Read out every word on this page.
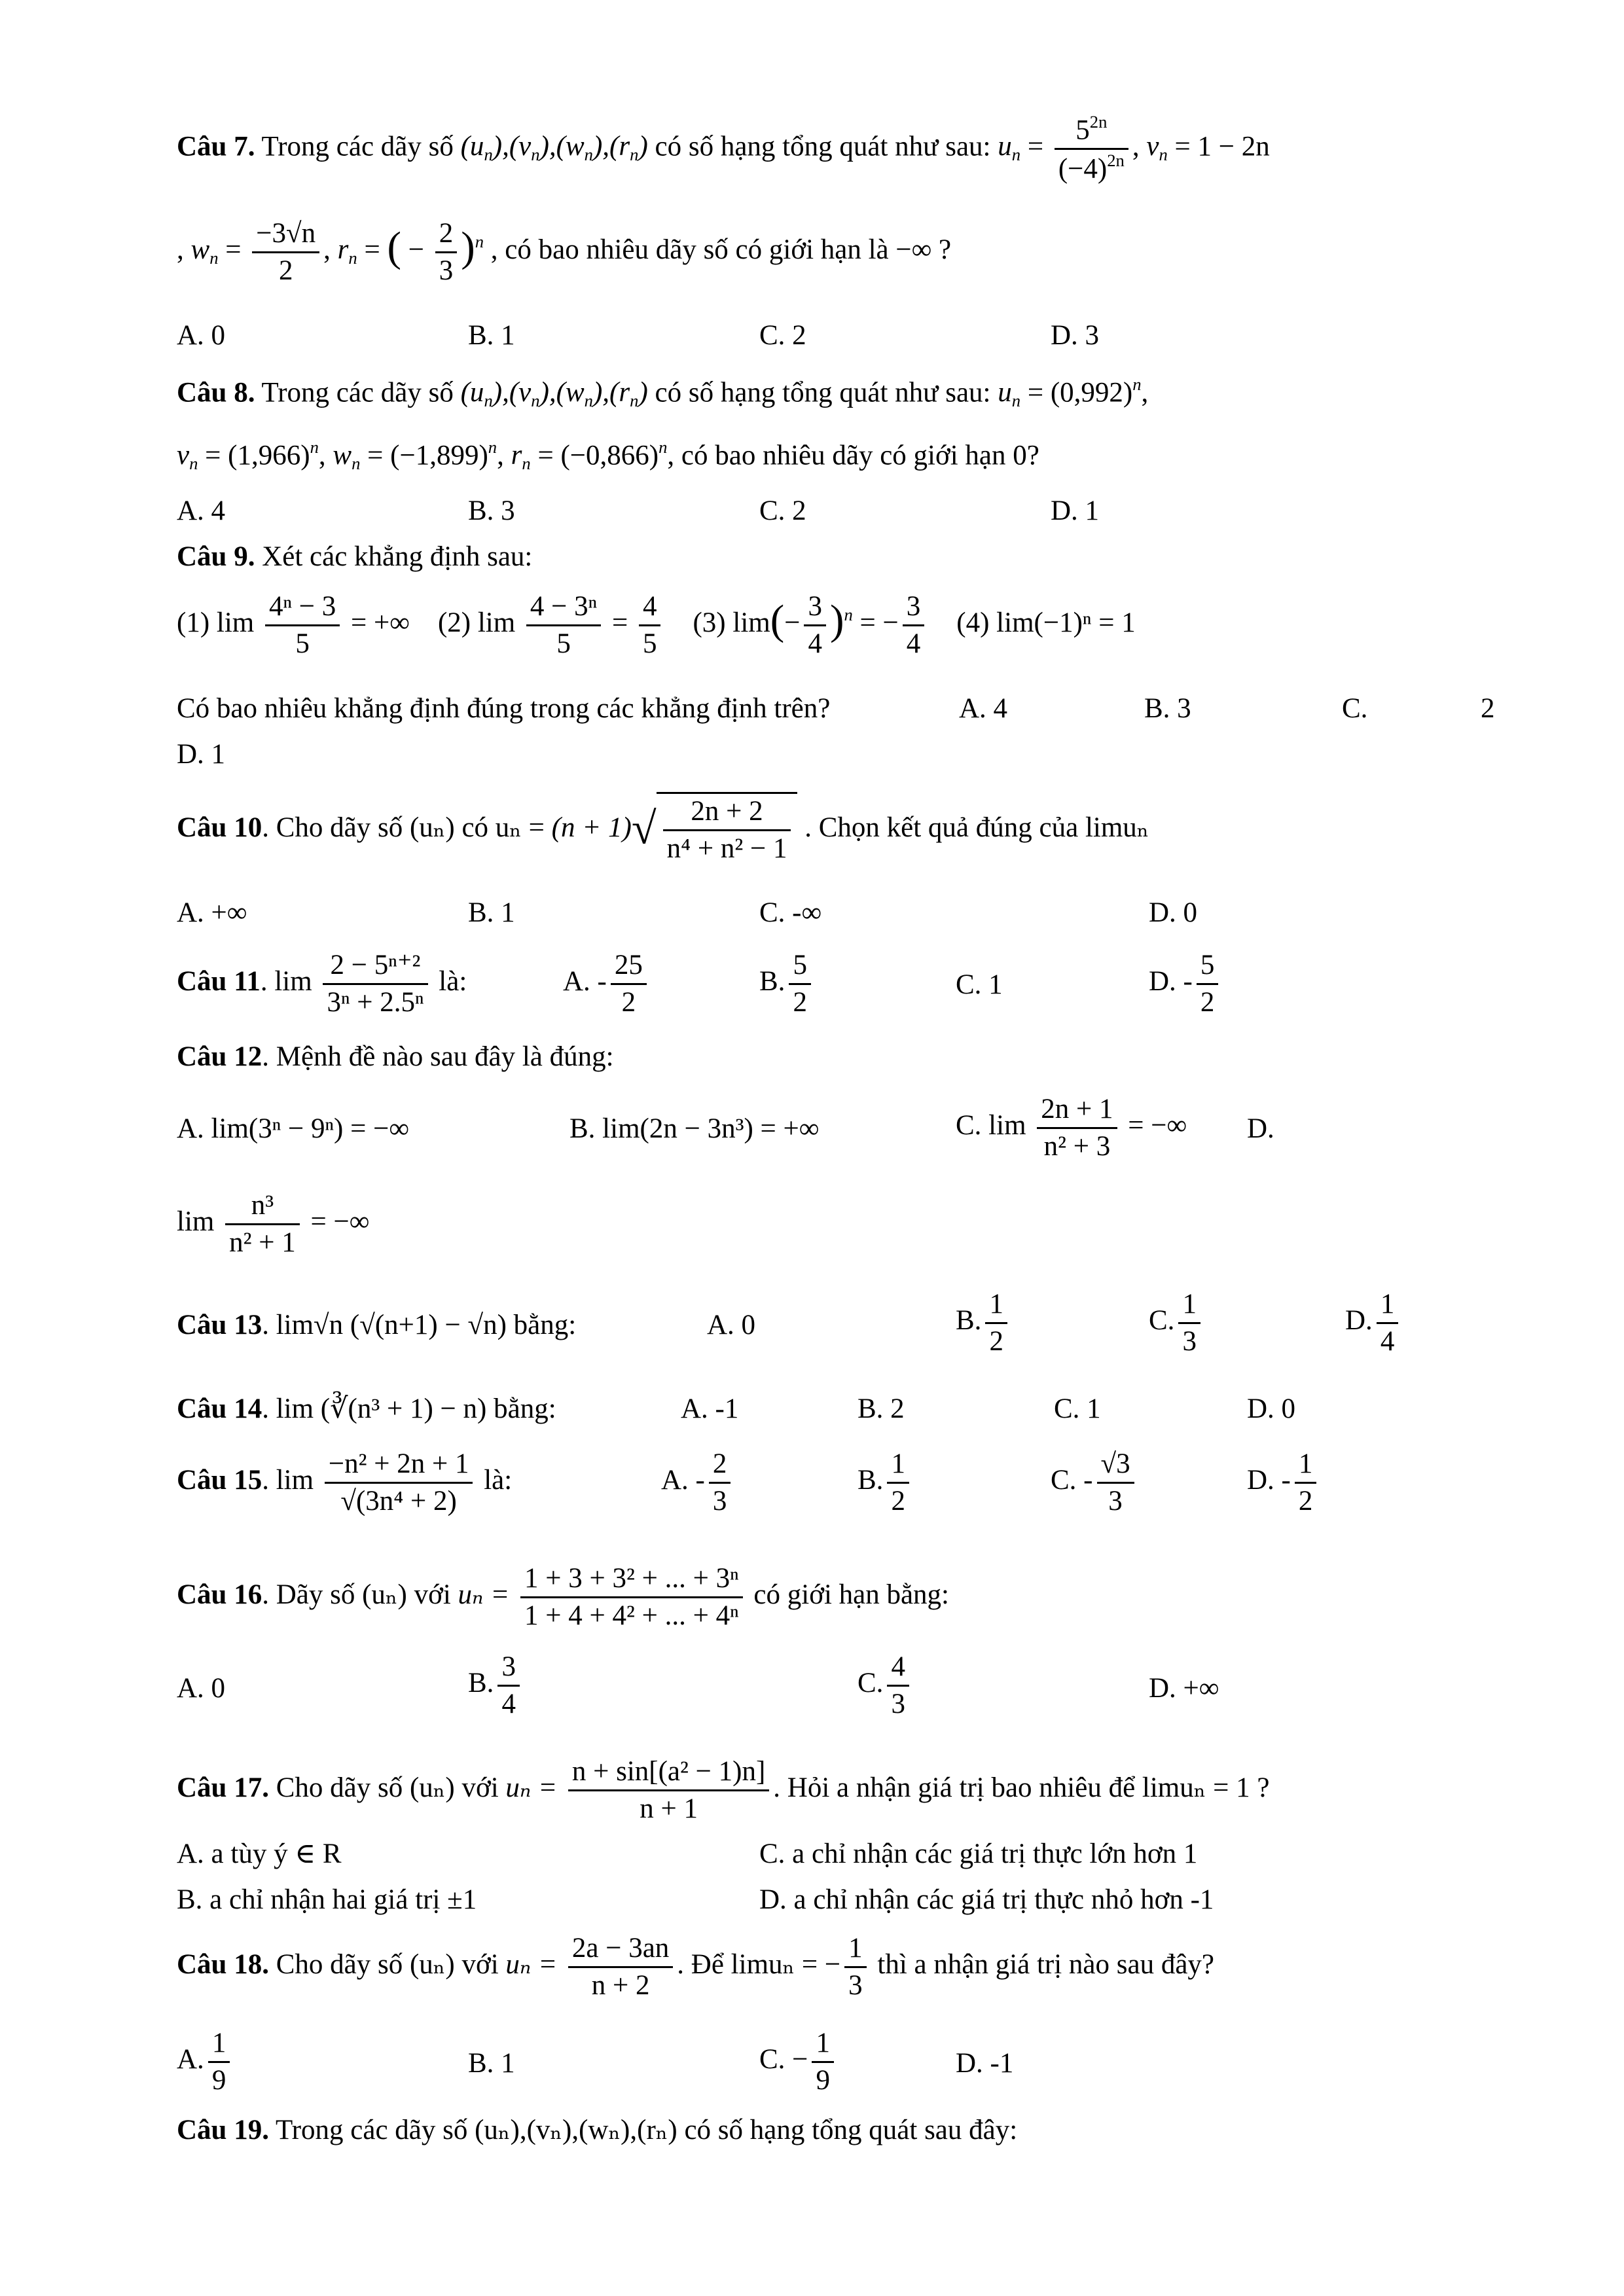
Câu 7. Trong các dãy số $(u_n),(v_n),(w_n),(r_n)$ có số hạng tổng quát như sau: $u_n = \frac{5^{2n}}{(-4)^{2n}}$ , $v_n = 1 - 2n$
, $w_n = \frac{-3√n}{2}$ , $r_n$ = ( − $\frac{2}{3} )^n$ , có bao nhiêu dãy số có giới hạn là −∞ ?
A. 0	B. 1	C. 2	D. 3
Câu 8. Trong các dãy số $(u_n),(v_n),(w_n),(r_n)$ có số hạng tổng quát như sau: $u_n = (0,992)^n$,
$v_n = (1,966)^n$, $w_n = (-1,899)^n$, $r_n = (-0,866)^n$, có bao nhiêu dãy có giới hạn 0?
A. 4	B. 3	C. 2	D. 1
Câu 9. Xét các khẳng định sau:
(1) $\lim \frac{\text{4ⁿ − 3}}{5}$ = +∞ (2) $\lim \frac{\text{4 − 3ⁿ}}{5} = \frac{4}{5} (3)$ $\lim(- \frac{3}{4} )^n$ = − $\frac{3}{4} (4) \lim(-1)^n = 1$
Có bao nhiêu khẳng định đúng trong các khẳng định trên?	A. 4	B. 3	C.	2
D. 1
Câu 10. Cho dãy số (uₙ) có $u_n = (n + 1)√ \frac{2n + 2}{\text{n⁴ + n² − 1}}$ . Chọn kết quả đúng của limuₙ
A. +∞	B. 1	C. -∞	D. 0
Câu 11. $\lim \frac{\text{2 − 5ⁿ⁺²}}{\text{3ⁿ + 2.5ⁿ}}$ là:	A. - $\frac{25}{2}$	B. $\frac{5}{2}$	C. 1	D. - $\frac{5}{2}$
Câu 12. Mệnh đề nào sau đây là đúng:
A. lim(3ⁿ − 9ⁿ) = −∞	B. lim(2n − 3n³) = +∞	C. $\lim \frac{2n + 1}{\text{n² + 3}}$ = −∞ D.
$\lim \frac{\text{n³}}{\text{n² + 1}}$ = −∞
Câu 13. lim√n (√(n+1) − √n) bằng:	A. 0	B. $\frac{1}{2}$	C. $\frac{1}{3}$	D. $\frac{1}{4}$
Câu 14. lim (∛(n³ + 1) − n) bằng:	A. -1	B. 2	C. 1	D. 0
Câu 15. $\lim \frac{\text{−n² + 2n + 1}}{\text{√(3n⁴ + 2)}}$ là:	A. - $\frac{2}{3}$	B. $\frac{1}{2}$	C. - $\frac{√3}{3}$	D. - $\frac{1}{2}$
Câu 16. Dãy số (uₙ) với $u_n = \frac{\text{1 + 3 + 3² + ... + 3ⁿ}}{\text{1 + 4 + 4² + ... + 4ⁿ}}$ có giới hạn bằng:
A. 0	B. $\frac{3}{4}$	C. $\frac{4}{3}$	D. +∞
Câu 17. Cho dãy số (uₙ) với $u_n = \frac{\text{n + sin[(a² − 1)n]}}{n + 1}$ . Hỏi a nhận giá trị bao nhiêu để limuₙ = 1 ?
A. a tùy ý ∈ R	C. a chỉ nhận các giá trị thực lớn hơn 1
B. a chỉ nhận hai giá trị ±1	D. a chỉ nhận các giá trị thực nhỏ hơn -1
Câu 18. Cho dãy số (uₙ) với $u_n = \frac{2a - 3an}{n + 2}$ . Để limuₙ = − $\frac{1}{3}$ thì a nhận giá trị nào sau đây?
A. $\frac{1}{9}$	B. 1	C. − $\frac{1}{9}$	D. -1
Câu 19. Trong các dãy số (uₙ),(vₙ),(wₙ),(rₙ) có số hạng tổng quát sau đây:
